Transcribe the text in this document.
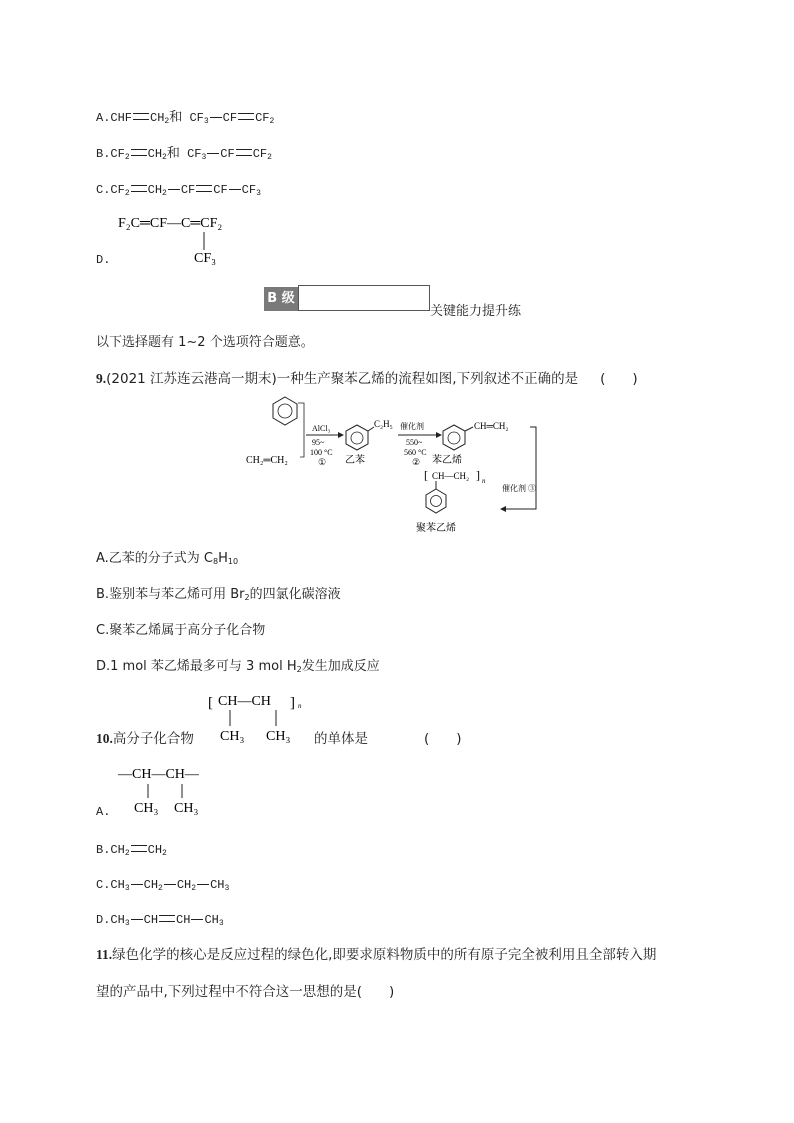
A.CHF $CH_2$和 $CF_3$ CF $CF_2$
$B.CF_2$ $CH_2$和 $CF_3$ CF $CF_2$
$C.CF_2$ $CH_2$ CF CF $CF_3$
D.
F₂C═CF—C═CF₂
CF₃
B 级
关键能力提升练
以下选择题有 1~2 个选项符合题意。
9.(2021 江苏连云港高一期末)一种生产聚苯乙烯的流程如图,下列叙述不正确的是 (　　)
CH₂═CH₂
AlCl₃
95~
100 °C
①
C₂H₅
乙苯
催化剂
550~
560 °C
②
CH═CH₂
苯乙烯
催化剂 ③
[ CH—CH₂ ] n
聚苯乙烯
A.乙苯的分子式为 $C_8H_{10}$
B.鉴别苯与苯乙烯可用 $Br_2$的四氯化碳溶液
C.聚苯乙烯属于高分子化合物
D.1 mol 苯乙烯最多可与 3 mol $H_2$发生加成反应
10.高分子化合物
[ CH—CH ] n
CH₃ CH₃ 的单体是	(　　)
A.
—CH—CH—
CH₃ CH₃
$B.CH_2$ $CH_2$
$C.CH_3$ $CH_2$ $CH_2$ $CH_3$
$D.CH_3$ CH CH $CH_3$
11.绿色化学的核心是反应过程的绿色化,即要求原料物质中的所有原子完全被利用且全部转入期
望的产品中,下列过程中不符合这一思想的是(　　)
